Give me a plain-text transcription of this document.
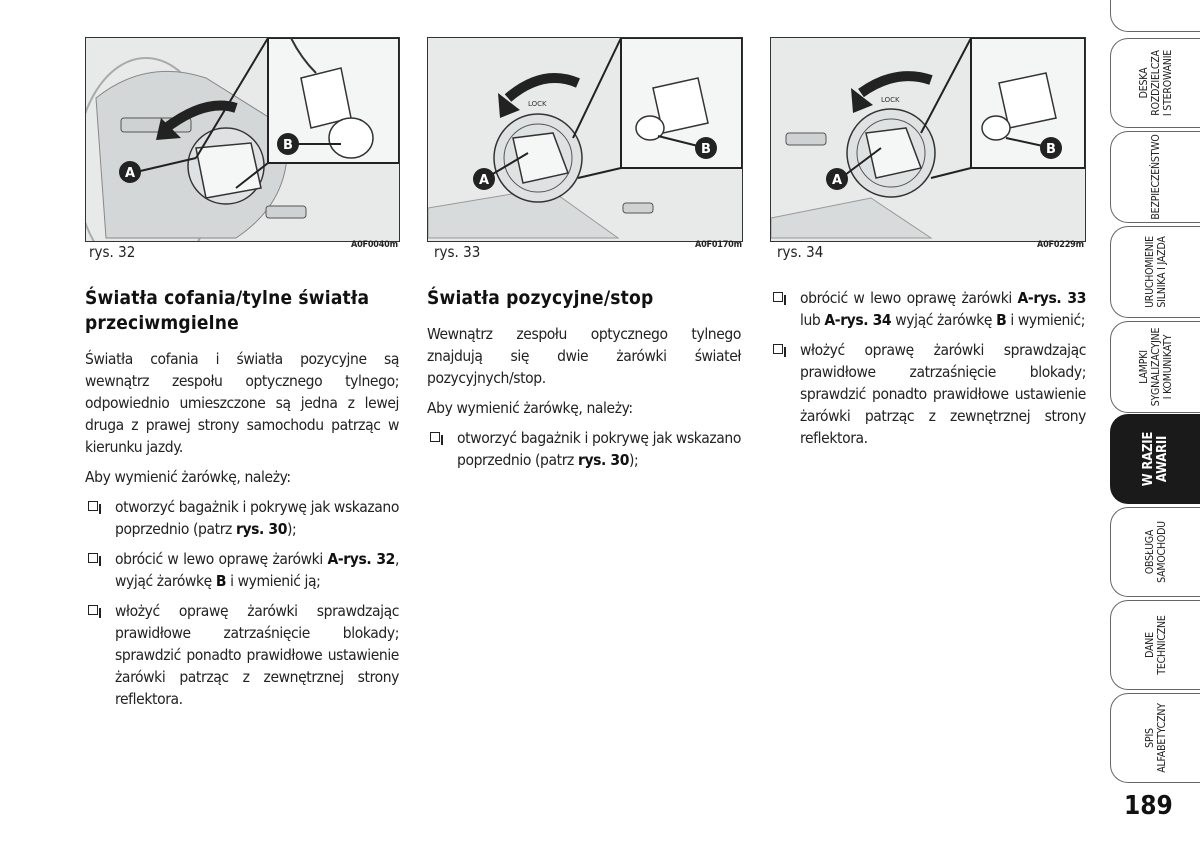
A
B
rys. 32	A0F0040m
LOCK
A
B
rys. 33	A0F0170m
LOCK
A
B
rys. 34	A0F0229m
Światła cofania/tylne światła
przeciwmgielne

Światła cofania i światła pozycyjne są wewnątrz zespołu optycznego tylnego; odpowiednio umieszczone są jedna z lewej druga z prawej strony samochodu patrząc w kierunku jazdy.

Aby wymienić żarówkę, należy:

otworzyć bagażnik i pokrywę jak wskazano poprzednio (patrz rys. 30);
obrócić w lewo oprawę żarówki A-rys. 32, wyjąć żarówkę B i wymienić ją;
włożyć oprawę żarówki sprawdzając prawidłowe zatrzaśnięcie blokady; sprawdzić ponadto prawidłowe ustawienie żarówki patrząc z zewnętrznej strony reflektora.
Światła pozycyjne/stop

Wewnątrz zespołu optycznego tylnego znajdują się dwie żarówki świateł pozycyjnych/stop.

Aby wymienić żarówkę, należy:

otworzyć bagażnik i pokrywę jak wskazano poprzednio (patrz rys. 30);
obrócić w lewo oprawę żarówki A-rys. 33 lub A-rys. 34 wyjąć żarówkę B i wymienić;
włożyć oprawę żarówki sprawdzając prawidłowe zatrzaśnięcie blokady; sprawdzić ponadto prawidłowe ustawienie żarówki patrząc z zewnętrznej strony reflektora.
DESKA
ROZDZIELCZA
I STEROWANIE
BEZPIECZEŃSTWO
URUCHOMIENIE
SILNIKA I JAZDA
LAMPKI
SYGNALIZACYJNE
I KOMUNIKATY
W RAZIE
AWARII
OBSŁUGA
SAMOCHODU
DANE
TECHNICZNE
SPIS
ALFABETYCZNY
189
